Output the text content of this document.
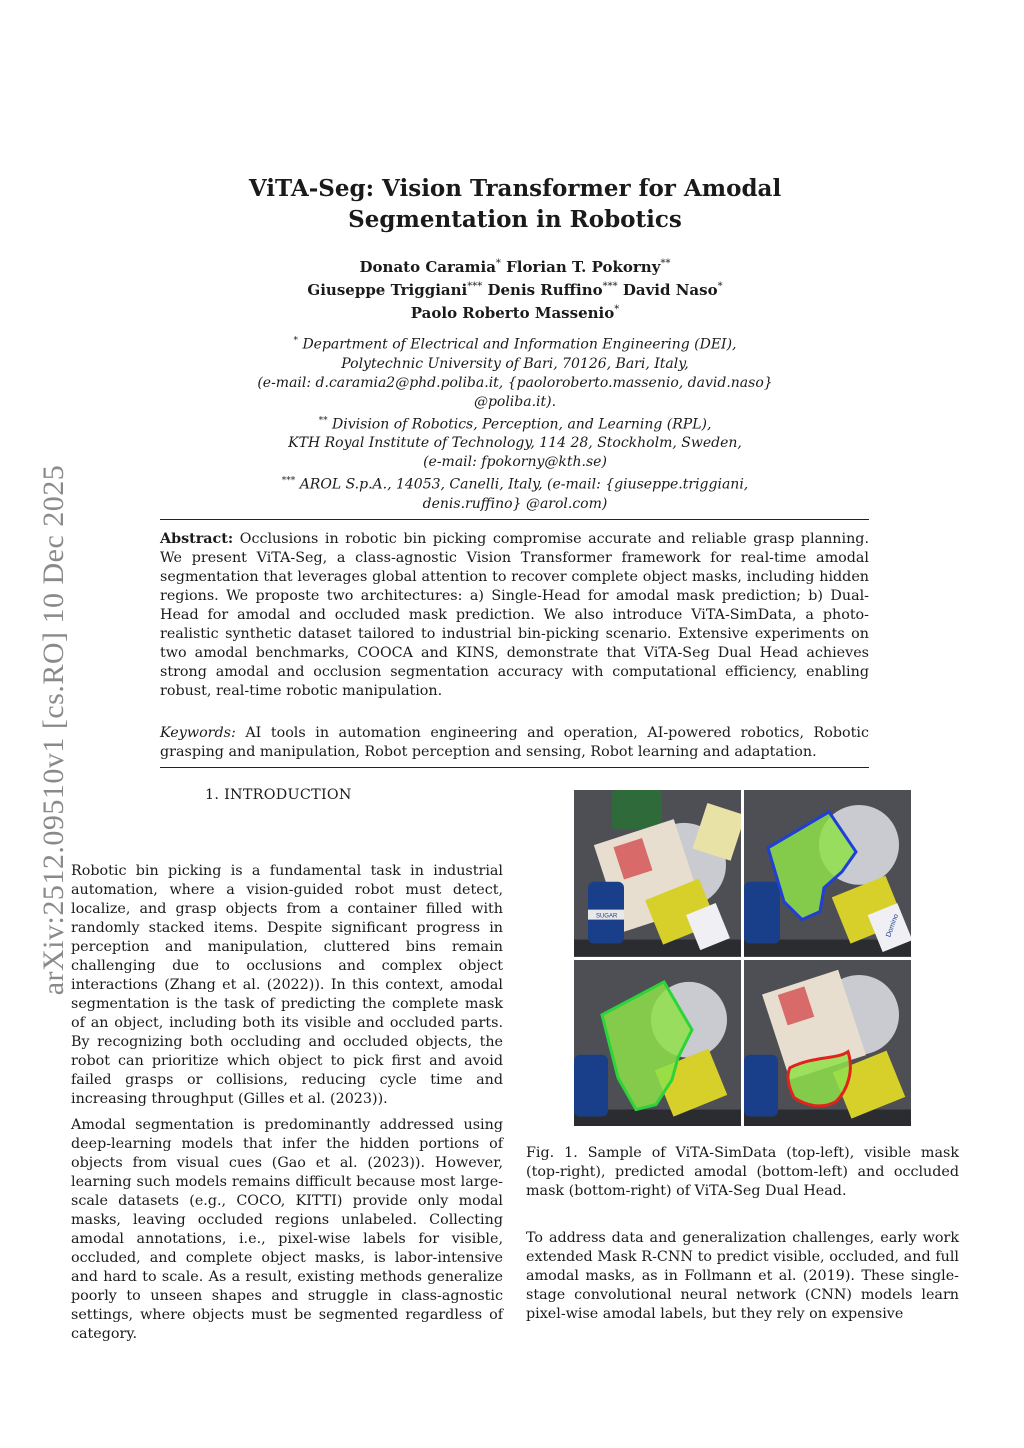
arXiv:2512.09510v1 [cs.RO] 10 Dec 2025
ViTA-Seg: Vision Transformer for Amodal
Segmentation in Robotics
Donato Caramia* Florian T. Pokorny**
Giuseppe Triggiani*** Denis Ruffino*** David Naso*
Paolo Roberto Massenio*
* Department of Electrical and Information Engineering (DEI),
Polytechnic University of Bari, 70126, Bari, Italy,
(e-mail: d.caramia2@phd.poliba.it, {paoloroberto.massenio, david.naso}
@poliba.it).
** Division of Robotics, Perception, and Learning (RPL),
KTH Royal Institute of Technology, 114 28, Stockholm, Sweden,
(e-mail: fpokorny@kth.se)
*** AROL S.p.A., 14053, Canelli, Italy, (e-mail: {giuseppe.triggiani,
denis.ruffino} @arol.com)
Abstract: Occlusions in robotic bin picking compromise accurate and reliable grasp planning. We present ViTA-Seg, a class-agnostic Vision Transformer framework for real-time amodal segmentation that leverages global attention to recover complete object masks, including hidden regions. We proposte two architectures: a) Single-Head for amodal mask prediction; b) Dual-Head for amodal and occluded mask prediction. We also introduce ViTA-SimData, a photo-realistic synthetic dataset tailored to industrial bin-picking scenario. Extensive experiments on two amodal benchmarks, COOCA and KINS, demonstrate that ViTA-Seg Dual Head achieves strong amodal and occlusion segmentation accuracy with computational efficiency, enabling robust, real-time robotic manipulation.
Keywords: AI tools in automation engineering and operation, AI-powered robotics, Robotic grasping and manipulation, Robot perception and sensing, Robot learning and adaptation.
1. INTRODUCTION
Robotic bin picking is a fundamental task in industrial automation, where a vision-guided robot must detect, localize, and grasp objects from a container filled with randomly stacked items. Despite significant progress in perception and manipulation, cluttered bins remain challenging due to occlusions and complex object interactions (Zhang et al. (2022)). In this context, amodal segmentation is the task of predicting the complete mask of an object, including both its visible and occluded parts. By recognizing both occluding and occluded objects, the robot can prioritize which object to pick first and avoid failed grasps or collisions, reducing cycle time and increasing throughput (Gilles et al. (2023)).
Amodal segmentation is predominantly addressed using deep-learning models that infer the hidden portions of objects from visual cues (Gao et al. (2023)). However, learning such models remains difficult because most large-scale datasets (e.g., COCO, KITTI) provide only modal masks, leaving occluded regions unlabeled. Collecting amodal annotations, i.e., pixel-wise labels for visible, occluded, and complete object masks, is labor-intensive and hard to scale. As a result, existing methods generalize poorly to unseen shapes and struggle in class-agnostic settings, where objects must be segmented regardless of category.
SUGAR	Domino
Fig. 1. Sample of ViTA-SimData (top-left), visible mask (top-right), predicted amodal (bottom-left) and occluded mask (bottom-right) of ViTA-Seg Dual Head.
To address data and generalization challenges, early work extended Mask R-CNN to predict visible, occluded, and full amodal masks, as in Follmann et al. (2019). These single-stage convolutional neural network (CNN) models learn pixel-wise amodal labels, but they rely on expensive
